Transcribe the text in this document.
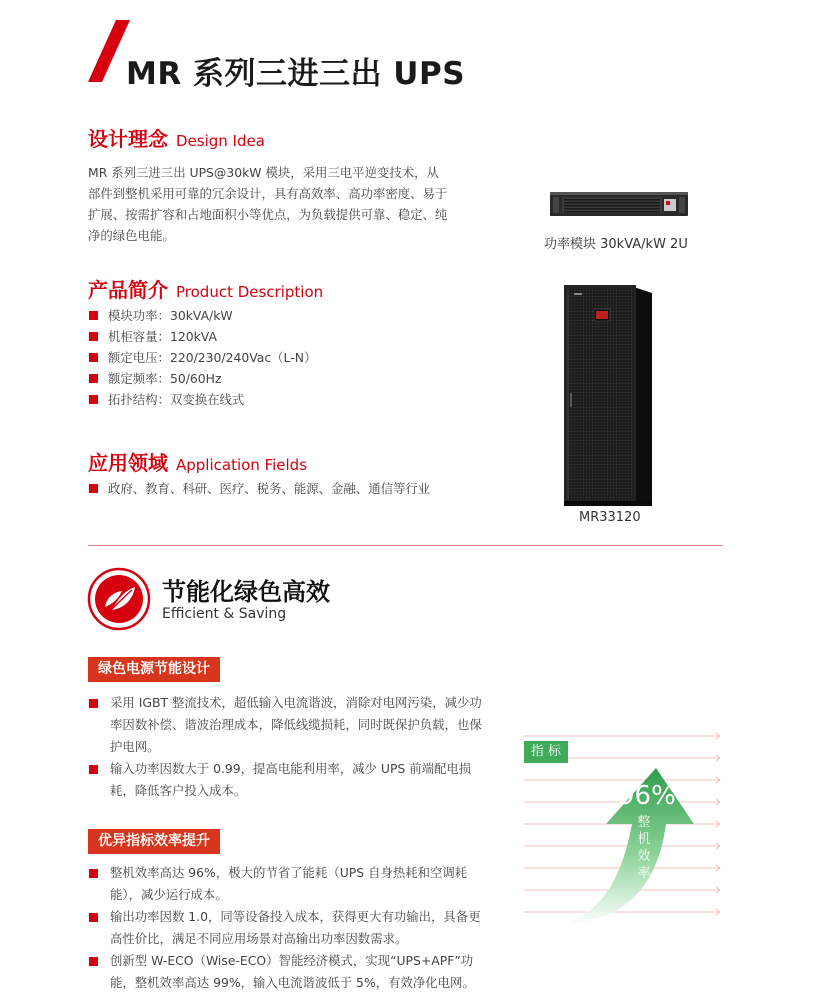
MR 系列三进三出 UPS
设计理念 Design Idea
MR 系列三进三出 UPS@30kW 模块，采用三电平逆变技术，从
部件到整机采用可靠的冗余设计，具有高效率、高功率密度、易于
扩展、按需扩容和占地面积小等优点，为负载提供可靠、稳定、纯
净的绿色电能。
产品简介 Product Description
模块功率：30kVA/kW
机柜容量：120kVA
额定电压：220/230/240Vac（L-N）
额定频率：50/60Hz
拓扑结构：双变换在线式
应用领域 Application Fields
政府、教育、科研、医疗、税务、能源、金融、通信等行业
功率模块 30kVA/kW 2U
MR33120
节能化绿色高效
Efficient & Saving
绿色电源节能设计
采用 IGBT 整流技术，超低输入电流谐波，消除对电网污染，减少功率因数补偿、谐波治理成本，降低线缆损耗，同时既保护负载，也保护电网。
输入功率因数大于 0.99，提高电能利用率，减少 UPS 前端配电损耗，降低客户投入成本。
优异指标效率提升
整机效率高达 96%，极大的节省了能耗（UPS 自身热耗和空调耗能），减少运行成本。
输出功率因数 1.0，同等设备投入成本，获得更大有功输出，具备更高性价比，满足不同应用场景对高输出功率因数需求。
创新型 W-ECO（Wise-ECO）智能经济模式，实现“UPS+APF”功能，整机效率高达 99%，输入电流谐波低于 5%，有效净化电网。
指 标
96%
整
机
效
率
